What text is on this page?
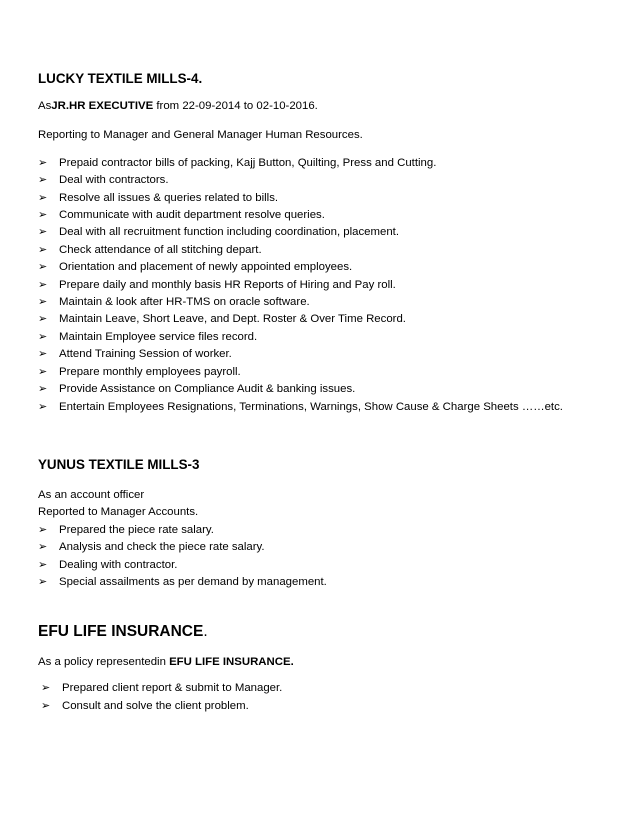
LUCKY TEXTILE MILLS-4.

AsJR.HR EXECUTIVE from 22-09-2014 to 02-10-2016.

Reporting to Manager and General Manager Human Resources.

➢	Prepaid contractor bills of packing, Kajj Button, Quilting, Press and Cutting.
➢	Deal with contractors.
➢	Resolve all issues & queries related to bills.
➢	Communicate with audit department resolve queries.
➢	Deal with all recruitment function including coordination, placement.
➢	Check attendance of all stitching depart.
➢	Orientation and placement of newly appointed employees.
➢	Prepare daily and monthly basis HR Reports of Hiring and Pay roll.
➢	Maintain & look after HR-TMS on oracle software.
➢	Maintain Leave, Short Leave, and Dept. Roster & Over Time Record.
➢	Maintain Employee service files record.
➢	Attend Training Session of worker.
➢	Prepare monthly employees payroll.
➢	Provide Assistance on Compliance Audit & banking issues.
➢	Entertain Employees Resignations, Terminations, Warnings, Show Cause & Charge Sheets ……etc.

YUNUS TEXTILE MILLS-3

As an account officer

Reported to Manager Accounts.

➢	Prepared the piece rate salary.
➢	Analysis and check the piece rate salary.
➢	Dealing with contractor.
➢	Special assailments as per demand by management.

EFU LIFE INSURANCE.

As a policy representedin EFU LIFE INSURANCE.

➢	Prepared client report & submit to Manager.
➢	Consult and solve the client problem.
